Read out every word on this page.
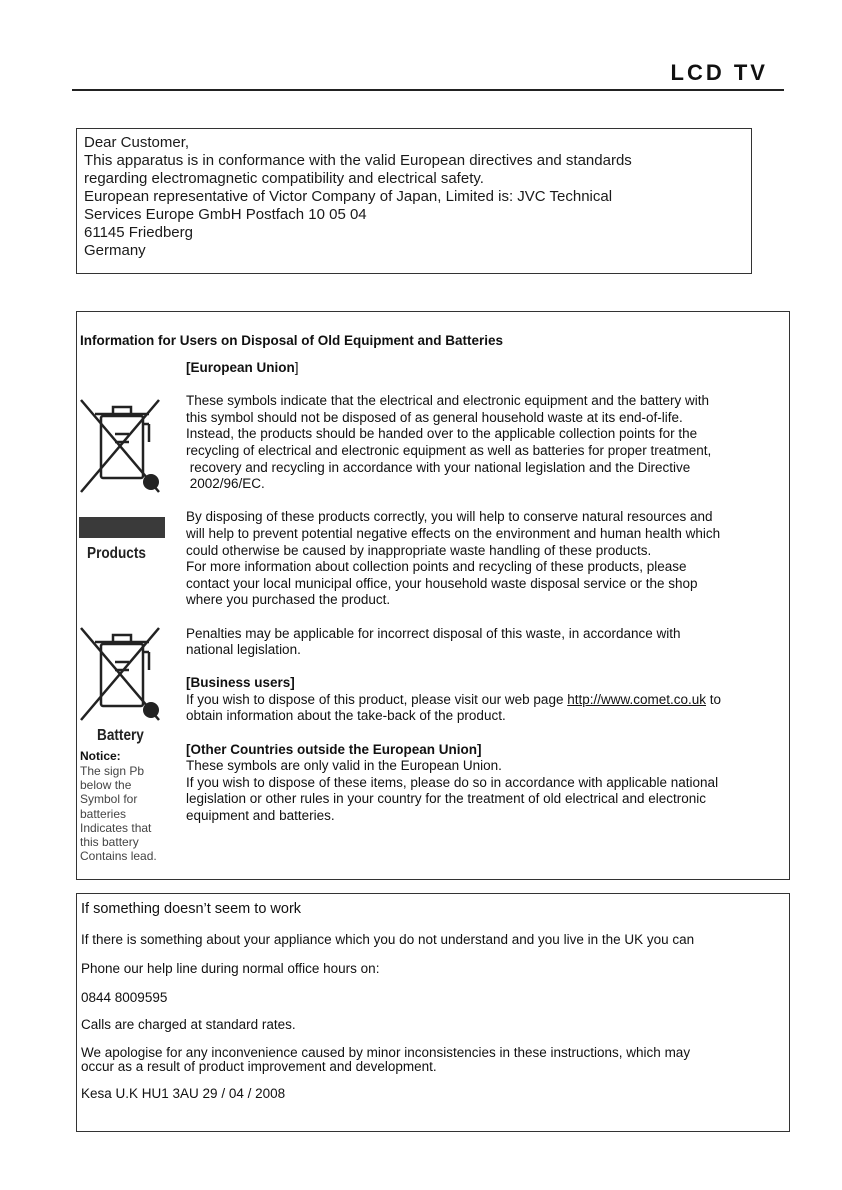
LCD TV
Dear Customer,
This apparatus is in conformance with the valid European directives and standards
regarding electromagnetic compatibility and electrical safety.
European representative of Victor Company of Japan, Limited is: JVC Technical
Services Europe GmbH Postfach 10 05 04
61145 Friedberg
Germany
Information for Users on Disposal of Old Equipment and Batteries
Products
Battery
Notice:
The sign Pb
below the
Symbol for
batteries
Indicates that
this battery
Contains lead.

[European Union]

These symbols indicate that the electrical and electronic equipment and the battery with

this symbol should not be disposed of as general household waste at its end-of-life.

Instead, the products should be handed over to the applicable collection points for the

recycling of electrical and electronic equipment as well as batteries for proper treatment,

recovery and recycling in accordance with your national legislation and the Directive

2002/96/EC.

By disposing of these products correctly, you will help to conserve natural resources and

will help to prevent potential negative effects on the environment and human health which

could otherwise be caused by inappropriate waste handling of these products.

For more information about collection points and recycling of these products, please

contact your local municipal office, your household waste disposal service or the shop

where you purchased the product.

Penalties may be applicable for incorrect disposal of this waste, in accordance with

national legislation.

[Business users]

If you wish to dispose of this product, please visit our web page http://www.comet.co.uk to

obtain information about the take-back of the product.

[Other Countries outside the European Union]

These symbols are only valid in the European Union.

If you wish to dispose of these items, please do so in accordance with applicable national

legislation or other rules in your country for the treatment of old electrical and electronic

equipment and batteries.

If something doesn’t seem to work

If there is something about your appliance which you do not understand and you live in the UK you can

Phone our help line during normal office hours on:

0844 8009595

Calls are charged at standard rates.

We apologise for any inconvenience caused by minor inconsistencies in these instructions, which may

occur as a result of product improvement and development.

Kesa U.K HU1 3AU 29 / 04 / 2008
